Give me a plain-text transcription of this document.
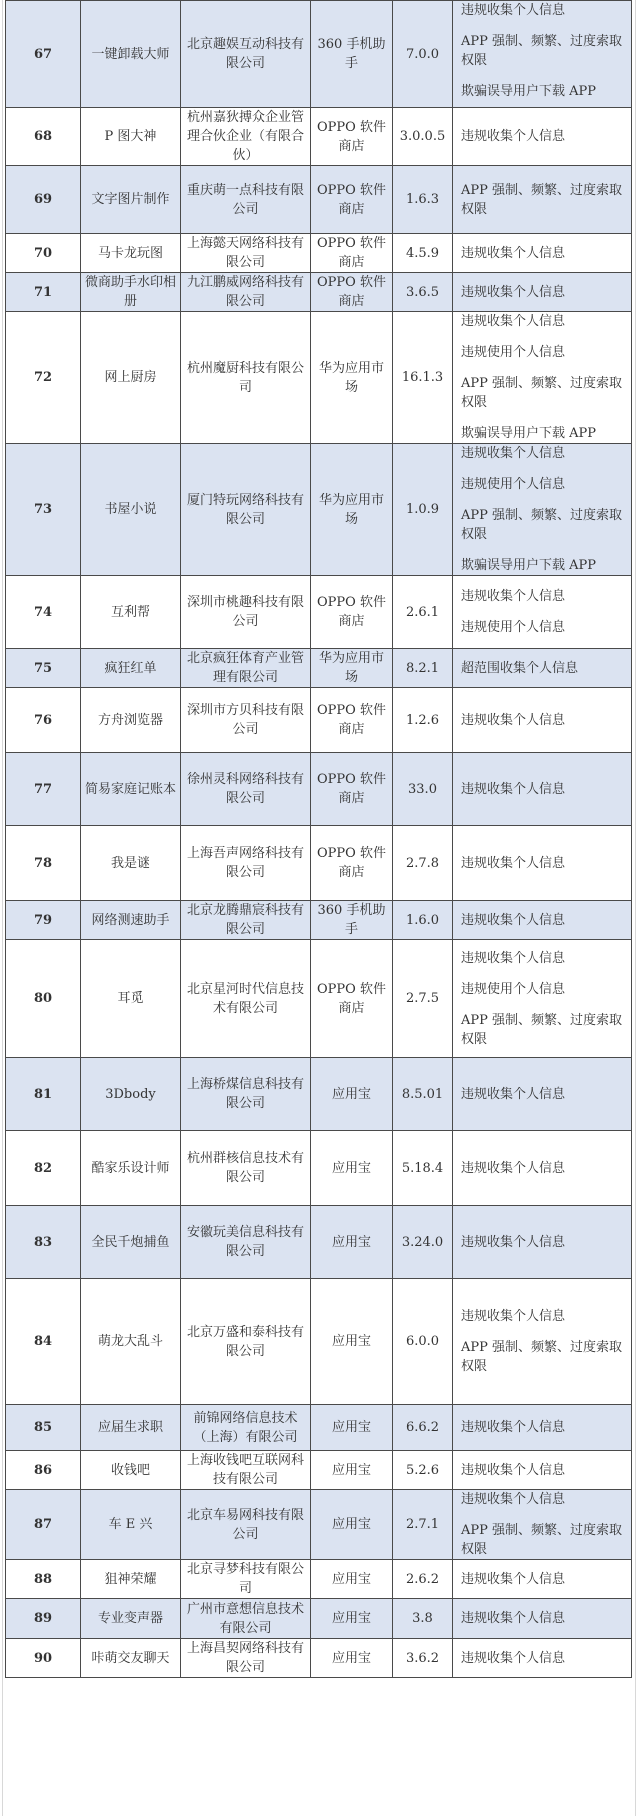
67	一键卸载大师	北京趣娱互动科技有限公司	360 手机助手	7.0.0	违规收集个人信息
APP 强制、频繁、过度索取权限
欺骗误导用户下载 APP

68	P 图大神	杭州嘉狄搏众企业管理合伙企业（有限合伙）	OPPO 软件商店	3.0.0.5	违规收集个人信息

69	文字图片制作	重庆萌一点科技有限公司	OPPO 软件商店	1.6.3	APP 强制、频繁、过度索取权限

70	马卡龙玩图	上海懿天网络科技有限公司	OPPO 软件商店	4.5.9	违规收集个人信息

71	微商助手水印相册	九江鹏威网络科技有限公司	OPPO 软件商店	3.6.5	违规收集个人信息

72	网上厨房	杭州魔厨科技有限公司	华为应用市场	16.1.3	违规收集个人信息
违规使用个人信息
APP 强制、频繁、过度索取权限
欺骗误导用户下载 APP

73	书屋小说	厦门特玩网络科技有限公司	华为应用市场	1.0.9	违规收集个人信息
违规使用个人信息
APP 强制、频繁、过度索取权限
欺骗误导用户下载 APP

74	互利帮	深圳市桃趣科技有限公司	OPPO 软件商店	2.6.1	违规收集个人信息
违规使用个人信息

75	疯狂红单	北京疯狂体育产业管理有限公司	华为应用市场	8.2.1	超范围收集个人信息

76	方舟浏览器	深圳市方贝科技有限公司	OPPO 软件商店	1.2.6	违规收集个人信息

77	简易家庭记账本	徐州灵科网络科技有限公司	OPPO 软件商店	33.0	违规收集个人信息

78	我是谜	上海吾声网络科技有限公司	OPPO 软件商店	2.7.8	违规收集个人信息

79	网络测速助手	北京龙腾鼎宸科技有限公司	360 手机助手	1.6.0	违规收集个人信息

80	耳觅	北京星河时代信息技术有限公司	OPPO 软件商店	2.7.5	违规收集个人信息
违规使用个人信息
APP 强制、频繁、过度索取权限

81	3Dbody	上海桥煤信息科技有限公司	应用宝	8.5.01	违规收集个人信息

82	酷家乐设计师	杭州群核信息技术有限公司	应用宝	5.18.4	违规收集个人信息

83	全民千炮捕鱼	安徽玩美信息科技有限公司	应用宝	3.24.0	违规收集个人信息

84	萌龙大乱斗	北京万盛和泰科技有限公司	应用宝	6.0.0	违规收集个人信息
APP 强制、频繁、过度索取权限

85	应届生求职	前锦网络信息技术（上海）有限公司	应用宝	6.6.2	违规收集个人信息

86	收钱吧	上海收钱吧互联网科技有限公司	应用宝	5.2.6	违规收集个人信息

87	车 E 兴	北京车易网科技有限公司	应用宝	2.7.1	违规收集个人信息
APP 强制、频繁、过度索取权限

88	狙神荣耀	北京寻梦科技有限公司	应用宝	2.6.2	违规收集个人信息

89	专业变声器	广州市意想信息技术有限公司	应用宝	3.8	违规收集个人信息

90	咔萌交友聊天	上海昌契网络科技有限公司	应用宝	3.6.2	违规收集个人信息
